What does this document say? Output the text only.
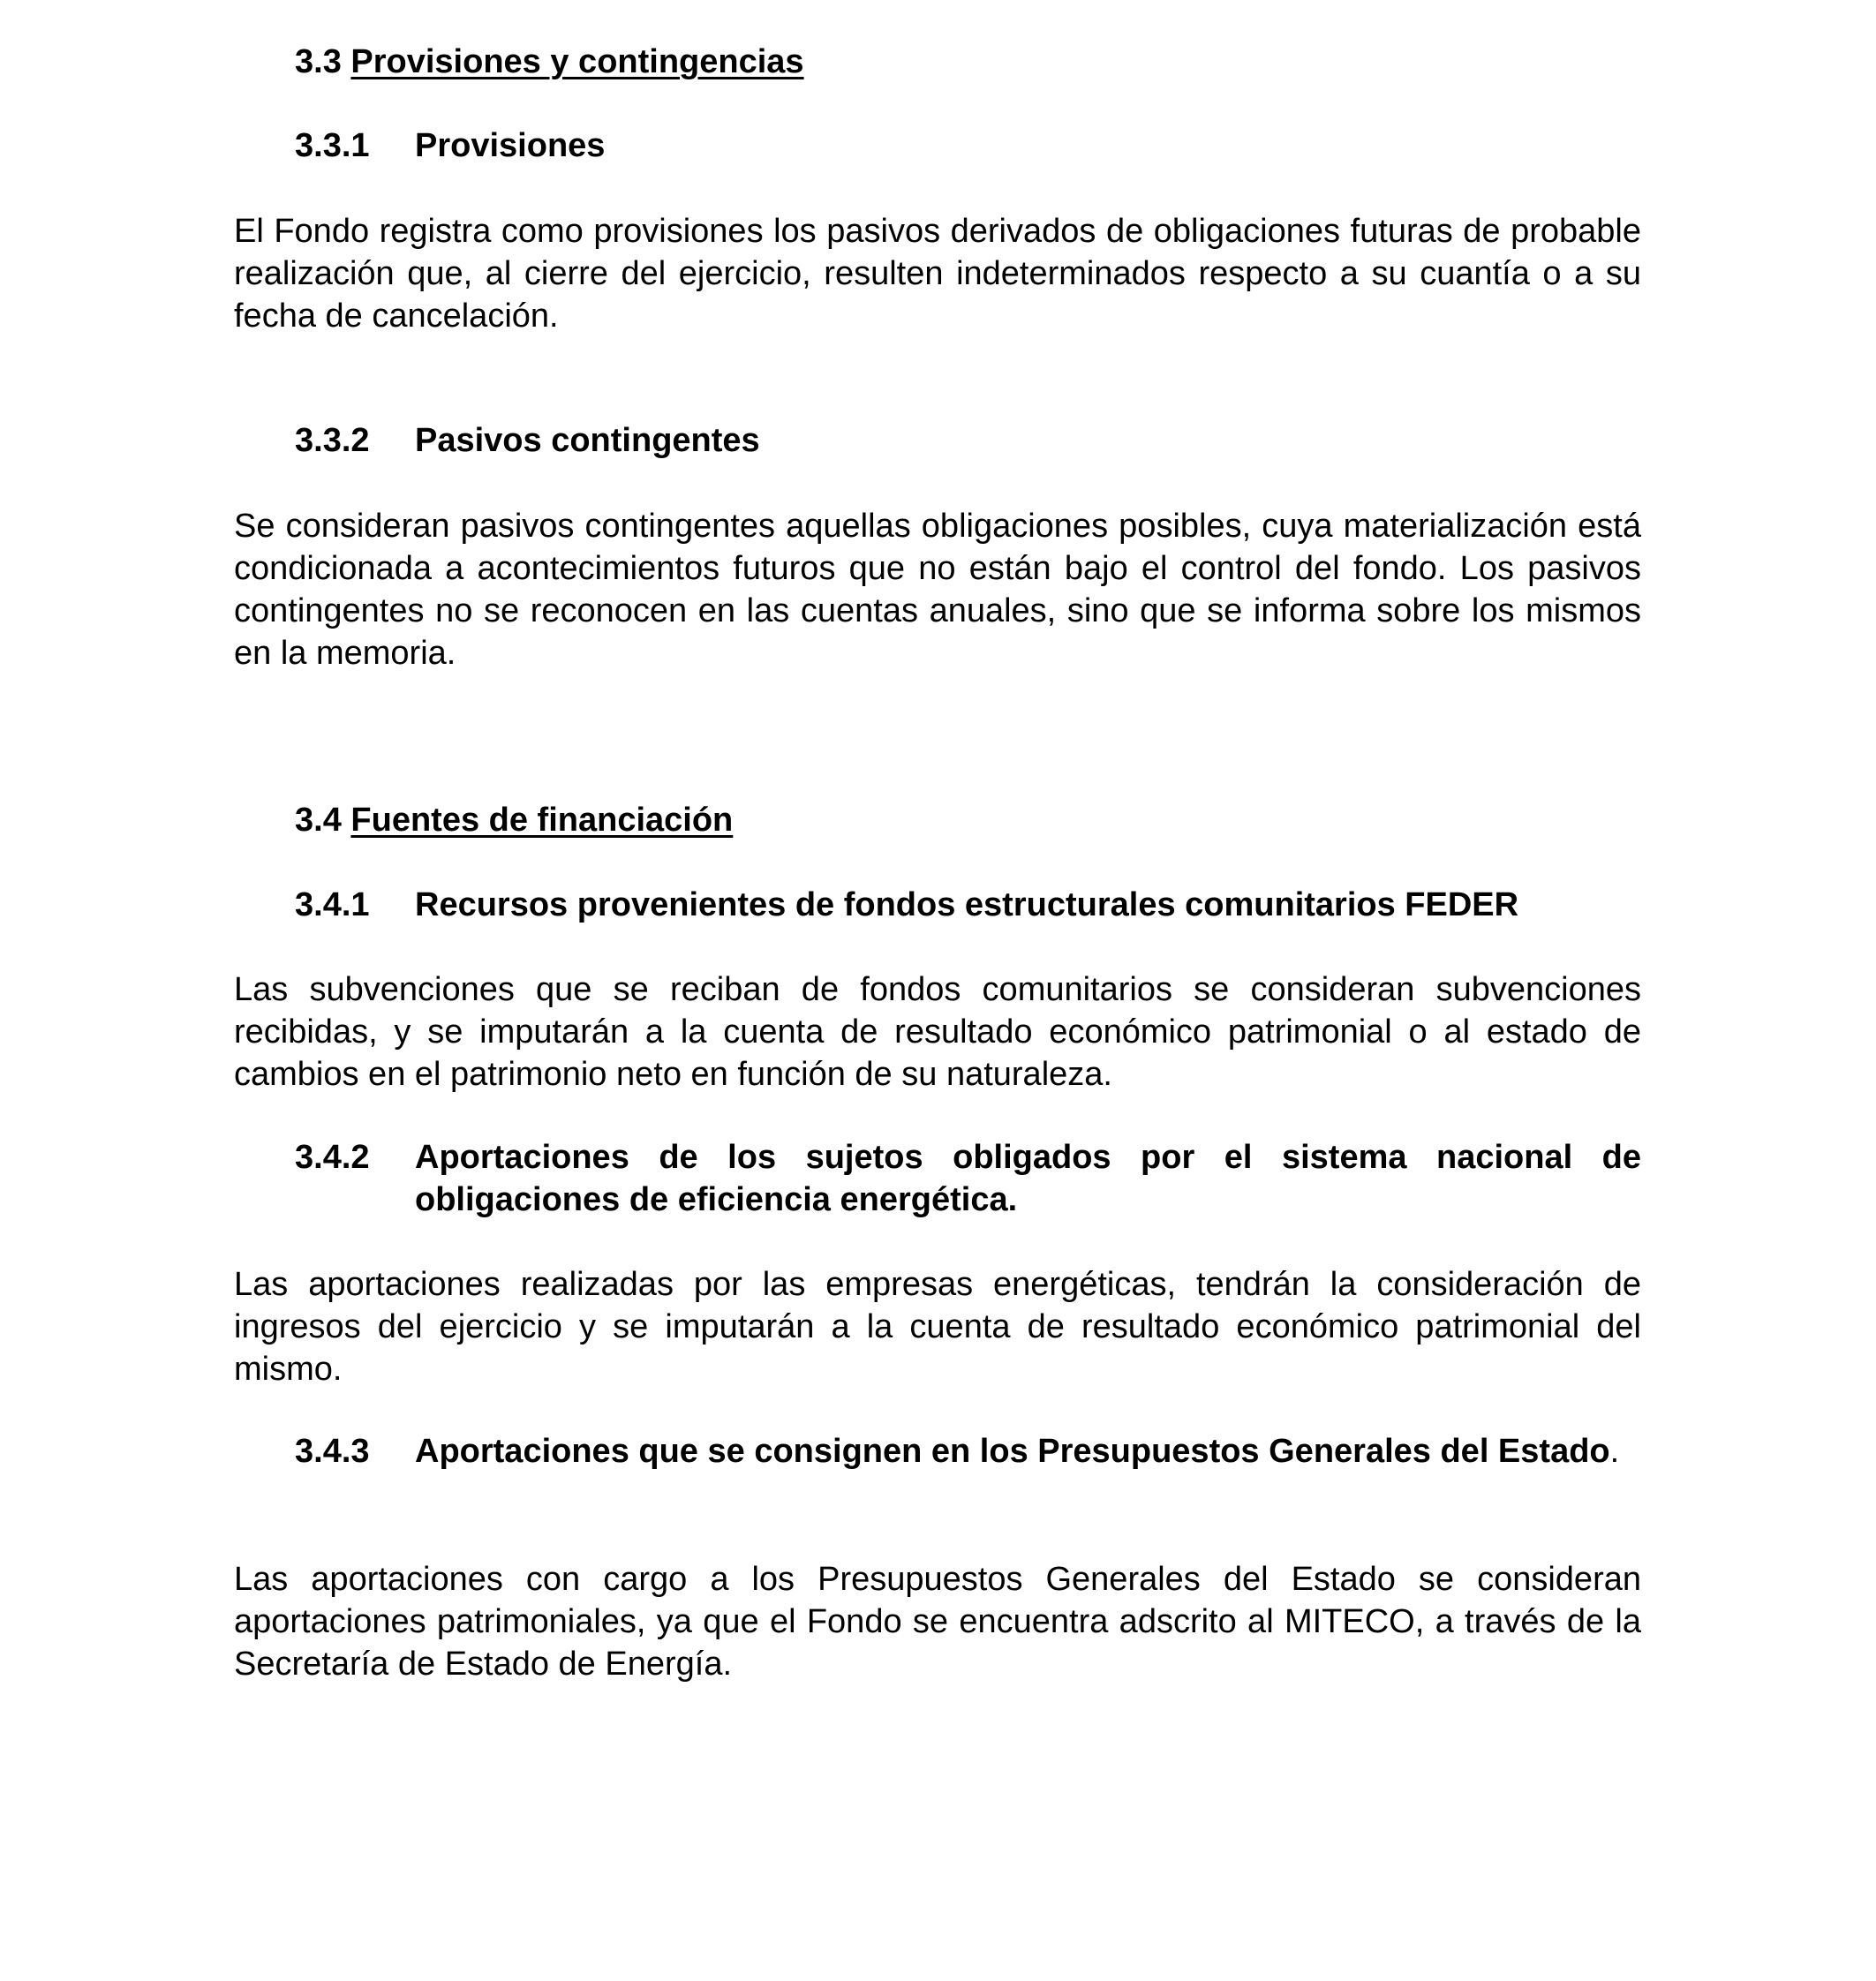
3.3 Provisiones y contingencias
3.3.1	Provisiones

El Fondo registra como provisiones los pasivos derivados de obligaciones futuras de probable realización que, al cierre del ejercicio, resulten indeterminados respecto a su cuantía o a su fecha de cancelación.

3.3.2	Pasivos contingentes

Se consideran pasivos contingentes aquellas obligaciones posibles, cuya materialización está condicionada a acontecimientos futuros que no están bajo el control del fondo. Los pasivos contingentes no se reconocen en las cuentas anuales, sino que se informa sobre los mismos en la memoria.

3.4 Fuentes de financiación
3.4.1	Recursos provenientes de fondos estructurales comunitarios FEDER

Las subvenciones que se reciban de fondos comunitarios se consideran subvenciones recibidas, y se imputarán a la cuenta de resultado económico patrimonial o al estado de cambios en el patrimonio neto en función de su naturaleza.

3.4.2	Aportaciones de los sujetos obligados por el sistema nacional de obligaciones de eficiencia energética.

Las aportaciones realizadas por las empresas energéticas, tendrán la consideración de ingresos del ejercicio y se imputarán a la cuenta de resultado económico patrimonial del mismo.

3.4.3	Aportaciones que se consignen en los Presupuestos Generales del Estado.

Las aportaciones con cargo a los Presupuestos Generales del Estado se consideran aportaciones patrimoniales, ya que el Fondo se encuentra adscrito al MITECO, a través de la Secretaría de Estado de Energía.
